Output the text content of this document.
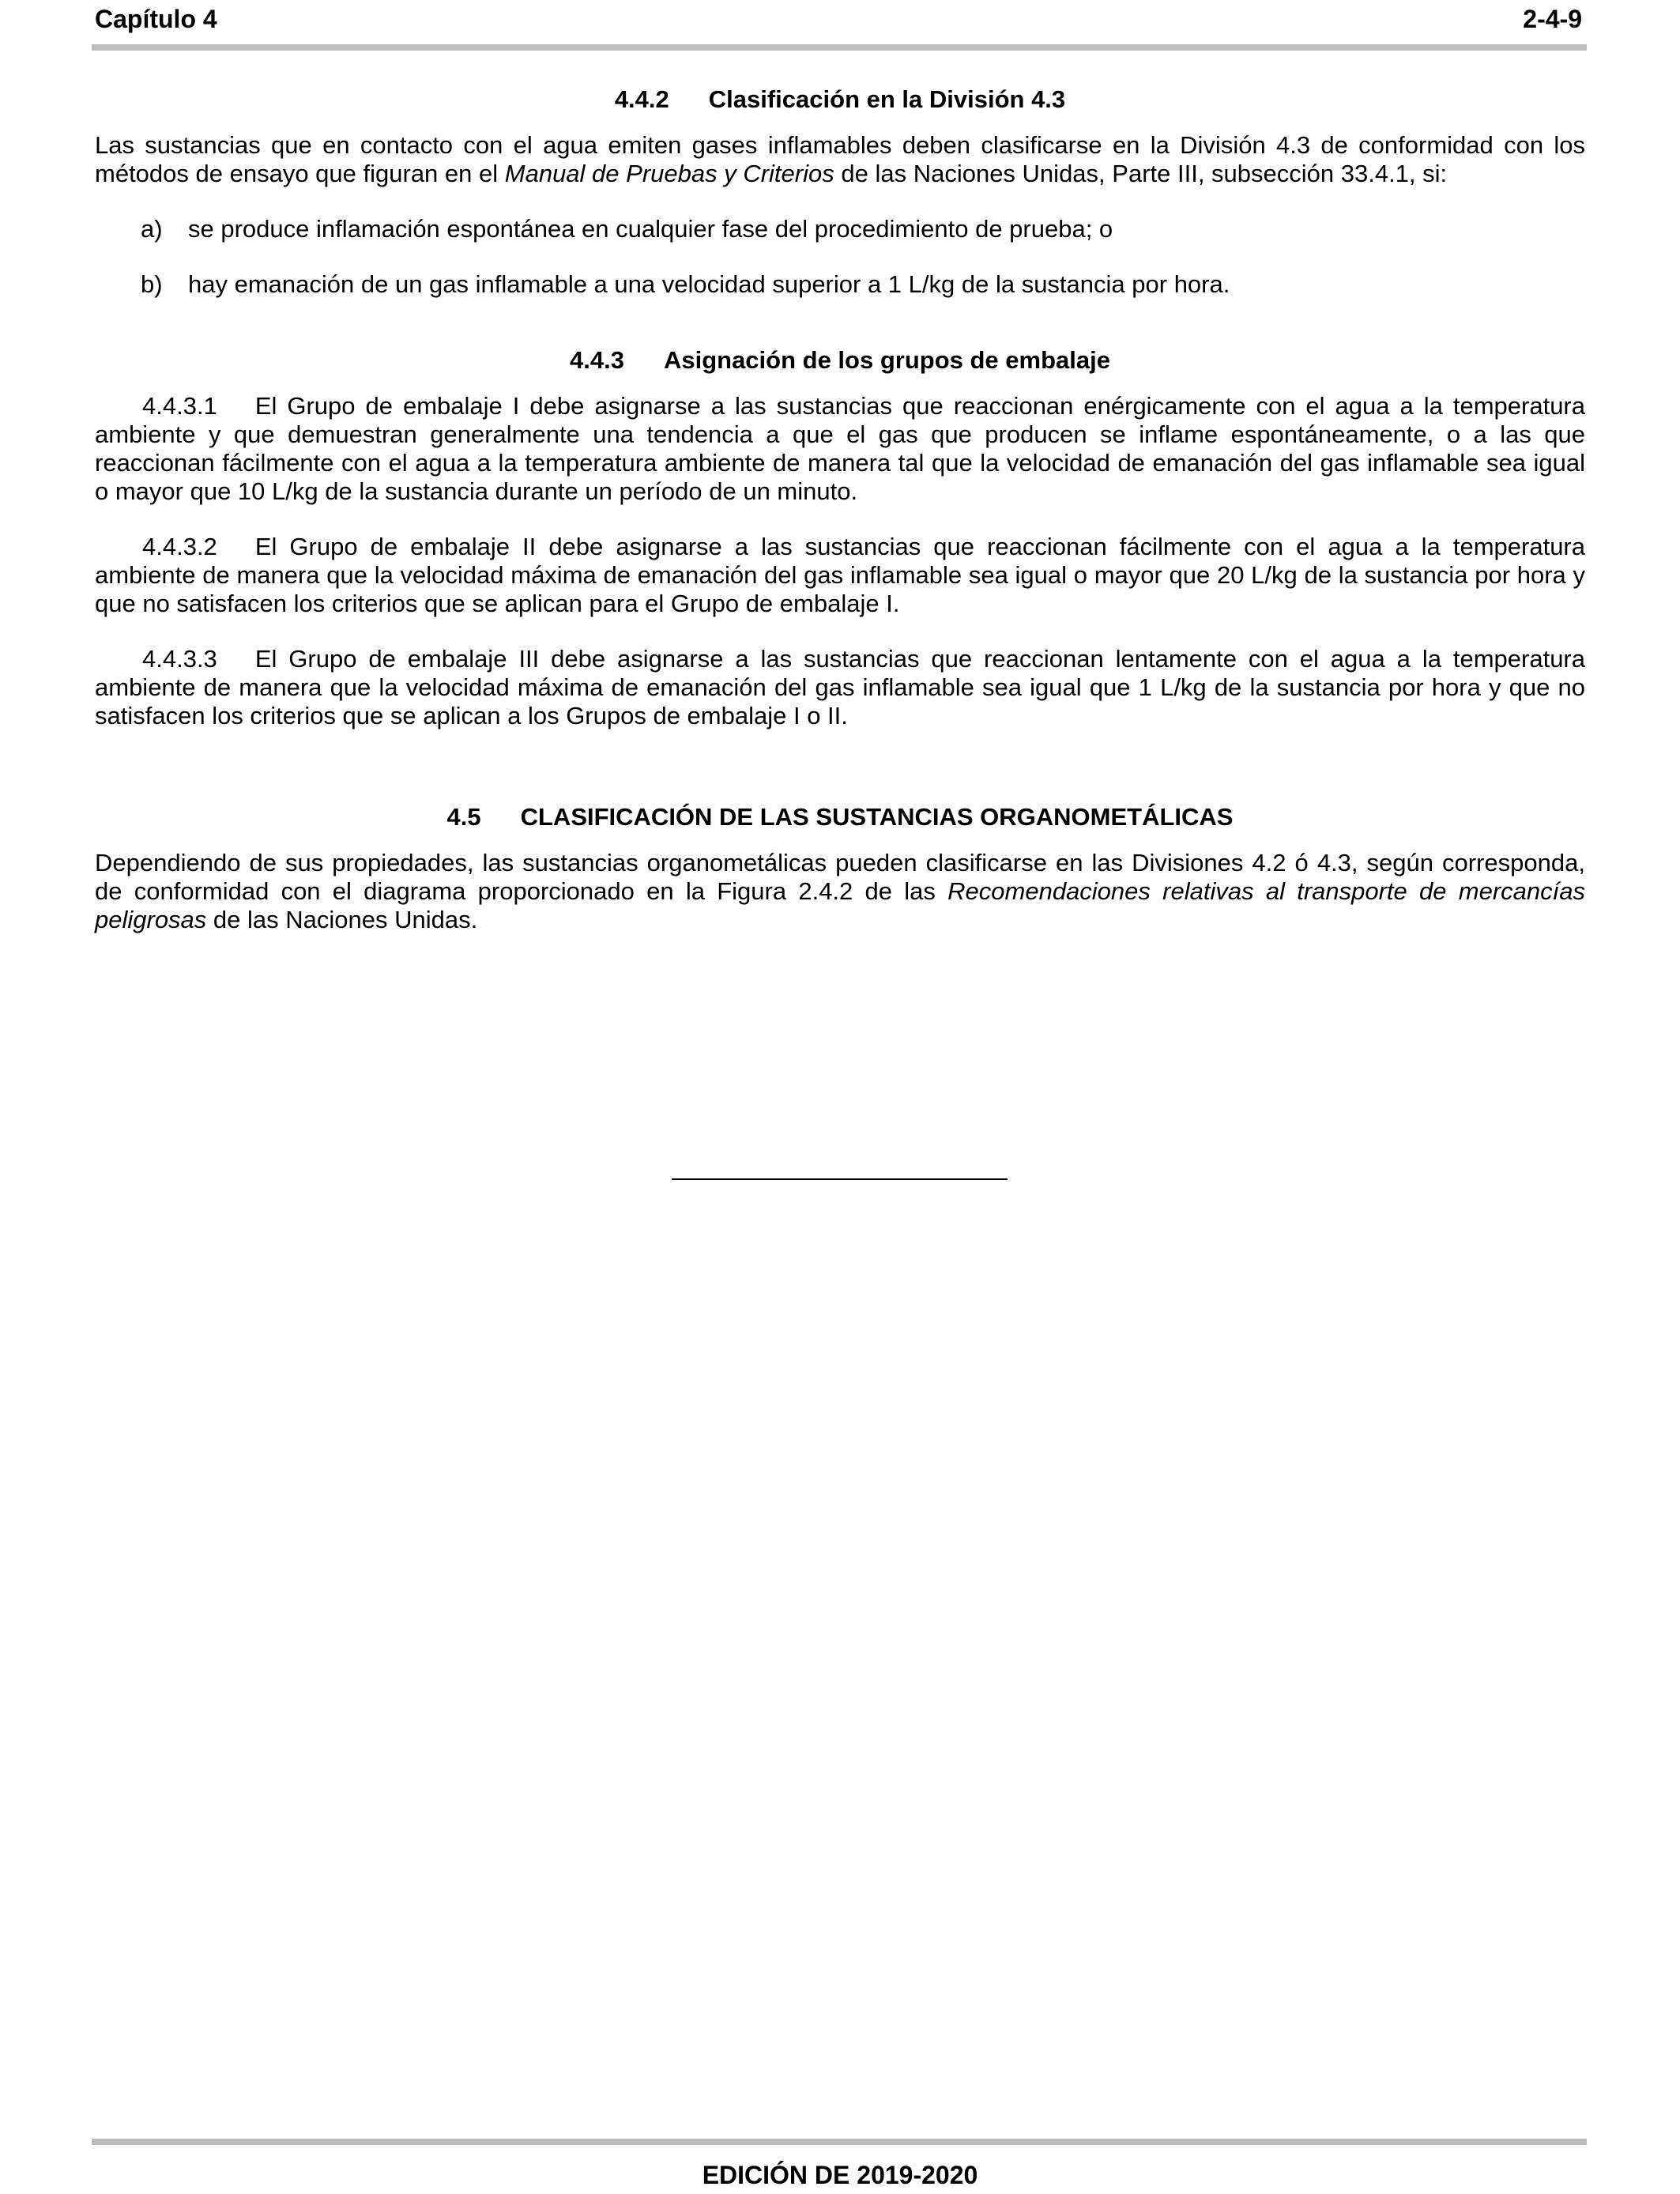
Capítulo 4	2-4-9
4.4.2 Clasificación en la División 4.3

Las sustancias que en contacto con el agua emiten gases inflamables deben clasificarse en la División 4.3 de conformidad con los métodos de ensayo que figuran en el Manual de Pruebas y Criterios de las Naciones Unidas, Parte III, subsección 33.4.1, si:

a) se produce inflamación espontánea en cualquier fase del procedimiento de prueba; o

b) hay emanación de un gas inflamable a una velocidad superior a 1 L/kg de la sustancia por hora.

4.4.3 Asignación de los grupos de embalaje

4.4.3.1 El Grupo de embalaje I debe asignarse a las sustancias que reaccionan enérgicamente con el agua a la temperatura ambiente y que demuestran generalmente una tendencia a que el gas que producen se inflame espontáneamente, o a las que reaccionan fácilmente con el agua a la temperatura ambiente de manera tal que la velocidad de emanación del gas inflamable sea igual o mayor que 10 L/kg de la sustancia durante un período de un minuto.

4.4.3.2 El Grupo de embalaje II debe asignarse a las sustancias que reaccionan fácilmente con el agua a la temperatura ambiente de manera que la velocidad máxima de emanación del gas inflamable sea igual o mayor que 20 L/kg de la sustancia por hora y que no satisfacen los criterios que se aplican para el Grupo de embalaje I.

4.4.3.3 El Grupo de embalaje III debe asignarse a las sustancias que reaccionan lentamente con el agua a la temperatura ambiente de manera que la velocidad máxima de emanación del gas inflamable sea igual que 1 L/kg de la sustancia por hora y que no satisfacen los criterios que se aplican a los Grupos de embalaje I o II.

4.5 CLASIFICACIÓN DE LAS SUSTANCIAS ORGANOMETÁLICAS

Dependiendo de sus propiedades, las sustancias organometálicas pueden clasificarse en las Divisiones 4.2 ó 4.3, según corresponda, de conformidad con el diagrama proporcionado en la Figura 2.4.2 de las Recomendaciones relativas al transporte de mercancías peligrosas de las Naciones Unidas.

EDICIÓN DE 2019-2020
